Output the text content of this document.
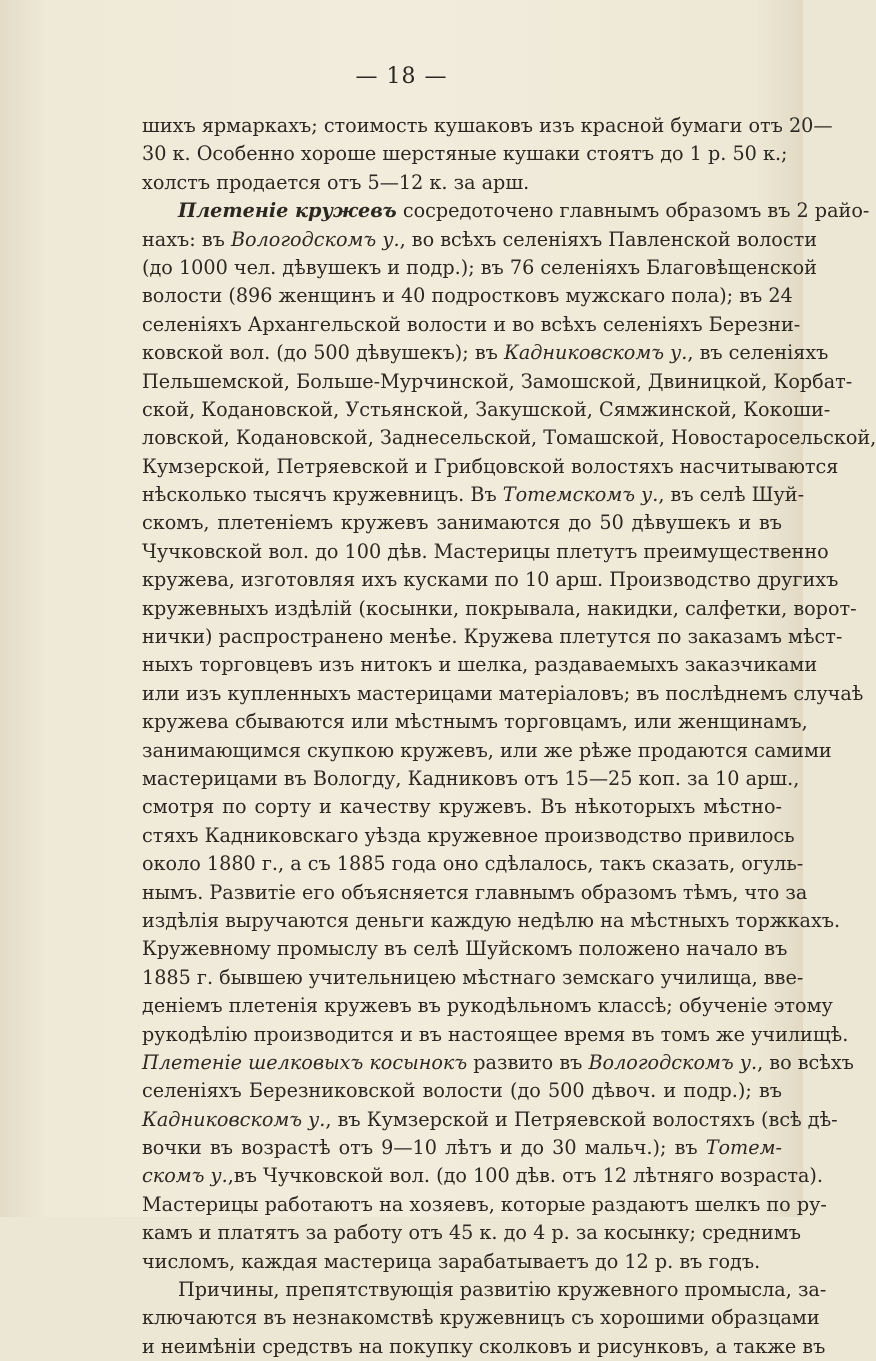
— 18 —
шихъ ярмаркахъ; стоимость кушаковъ изъ красной бумаги отъ 20—
30 к. Особенно хороше шерстяные кушаки стоятъ до 1 р. 50 к.;
холстъ продается отъ 5—12 к. за арш.
Плетеніе кружевъ сосредоточено главнымъ образомъ въ 2 райо-
нахъ: въ Вологодскомъ у., во всѣхъ селеніяхъ Павленской волости
(до 1000 чел. дѣвушекъ и подр.); въ 76 селеніяхъ Благовѣщенской
волости (896 женщинъ и 40 подростковъ мужскаго пола); въ 24
селеніяхъ Архангельской волости и во всѣхъ селеніяхъ Березни-
ковской вол. (до 500 дѣвушекъ); въ Кадниковскомъ у., въ селеніяхъ
Пельшемской, Больше-Мурчинской, Замошской, Двиницкой, Корбат-
ской, Кодановской, Устьянской, Закушской, Сямжинской, Кокоши-
ловской, Кодановской, Заднесельской, Томашской, Новостаросельской,
Кумзерской, Петряевской и Грибцовской волостяхъ насчитываются
нѣсколько тысячъ кружевницъ. Въ Тотемскомъ у., въ селѣ Шуй-
скомъ, плетеніемъ кружевъ занимаются до 50 дѣвушекъ и въ
Чучковской вол. до 100 дѣв. Мастерицы плетутъ преимущественно
кружева, изготовляя ихъ кусками по 10 арш. Производство другихъ
кружевныхъ издѣлій (косынки, покрывала, накидки, салфетки, ворот-
нички) распространено менѣе. Кружева плетутся по заказамъ мѣст-
ныхъ торговцевъ изъ нитокъ и шелка, раздаваемыхъ заказчиками
или изъ купленныхъ мастерицами матеріаловъ; въ послѣднемъ случаѣ
кружева сбываются или мѣстнымъ торговцамъ, или женщинамъ,
занимающимся скупкою кружевъ, или же рѣже продаются самими
мастерицами въ Вологду, Кадниковъ отъ 15—25 коп. за 10 арш.,
смотря по сорту и качеству кружевъ. Въ нѣкоторыхъ мѣстно-
стяхъ Кадниковскаго уѣзда кружевное производство привилось
около 1880 г., а съ 1885 года оно сдѣлалось, такъ сказать, огуль-
нымъ. Развитіе его объясняется главнымъ образомъ тѣмъ, что за
издѣлія выручаются деньги каждую недѣлю на мѣстныхъ торжкахъ.
Кружевному промыслу въ селѣ Шуйскомъ положено начало въ
1885 г. бывшею учительницею мѣстнаго земскаго училища, вве-
деніемъ плетенія кружевъ въ рукодѣльномъ классѣ; обученіе этому
рукодѣлію производится и въ настоящее время въ томъ же училищѣ.
Плетеніе шелковыхъ косынокъ развито въ Вологодскомъ у., во всѣхъ
селеніяхъ Березниковской волости (до 500 дѣвоч. и подр.); въ
Кадниковскомъ у., въ Кумзерской и Петряевской волостяхъ (всѣ дѣ-
вочки въ возрастѣ отъ 9—10 лѣтъ и до 30 мальч.); въ Тотем-
скомъ у.,въ Чучковской вол. (до 100 дѣв. отъ 12 лѣтняго возраста).
Мастерицы работаютъ на хозяевъ, которые раздаютъ шелкъ по ру-
камъ и платятъ за работу отъ 45 к. до 4 р. за косынку; среднимъ
числомъ, каждая мастерица зарабатываетъ до 12 р. въ годъ.
Причины, препятствующія развитію кружевного промысла, за-
ключаются въ незнакомствѣ кружевницъ съ хорошими образцами
и неимѣніи средствъ на покупку сколковъ и рисунковъ, а также въ
